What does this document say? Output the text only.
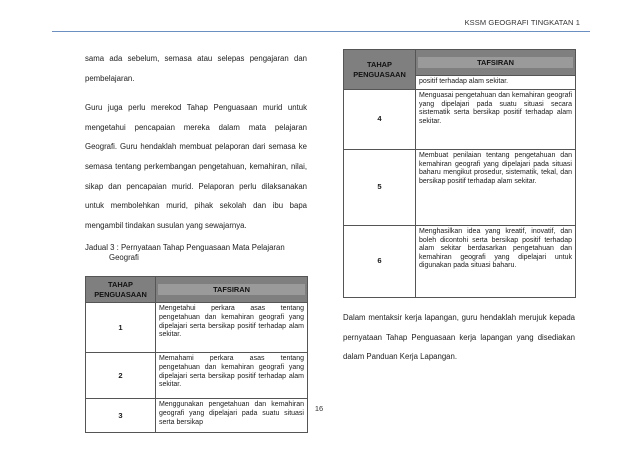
KSSM GEOGRAFI TINGKATAN 1

sama ada sebelum, semasa atau selepas pengajaran dan pembelajaran.

Guru juga perlu merekod Tahap Penguasaan murid untuk mengetahui pencapaian mereka dalam mata pelajaran Geografi. Guru hendaklah membuat pelaporan dari semasa ke semasa tentang perkembangan pengetahuan, kemahiran, nilai, sikap dan pencapaian murid. Pelaporan perlu dilaksanakan untuk membolehkan murid, pihak sekolah dan ibu bapa mengambil tindakan susulan yang sewajarnya.

Jadual 3 : Pernyataan Tahap Penguasaan Mata Pelajaran
Geografi
TAHAP PENGUASAAN	TAFSIRAN

1	Mengetahui perkara asas tentang pengetahuan dan kemahiran geografi yang dipelajari serta bersikap positif terhadap alam sekitar.
2	Memahami perkara asas tentang pengetahuan dan kemahiran geografi yang dipelajari serta bersikap positif terhadap alam sekitar.
3	Menggunakan pengetahuan dan kemahiran geografi yang dipelajari pada suatu situasi serta bersikap
TAHAP PENGUASAAN	TAFSIRAN

	positif terhadap alam sekitar.
4	Menguasai pengetahuan dan kemahiran geografi yang dipelajari pada suatu situasi secara sistematik serta bersikap positif terhadap alam sekitar.
5	Membuat penilaian tentang pengetahuan dan kemahiran geografi yang dipelajari pada situasi baharu mengikut prosedur, sistematik, tekal, dan bersikap positif terhadap alam sekitar.
6	Menghasilkan idea yang kreatif, inovatif, dan boleh dicontohi serta bersikap positif terhadap alam sekitar berdasarkan pengetahuan dan kemahiran geografi yang dipelajari untuk digunakan pada situasi baharu.

Dalam mentaksir kerja lapangan, guru hendaklah merujuk kepada pernyataan Tahap Penguasaan kerja lapangan yang disediakan dalam Panduan Kerja Lapangan.

16
